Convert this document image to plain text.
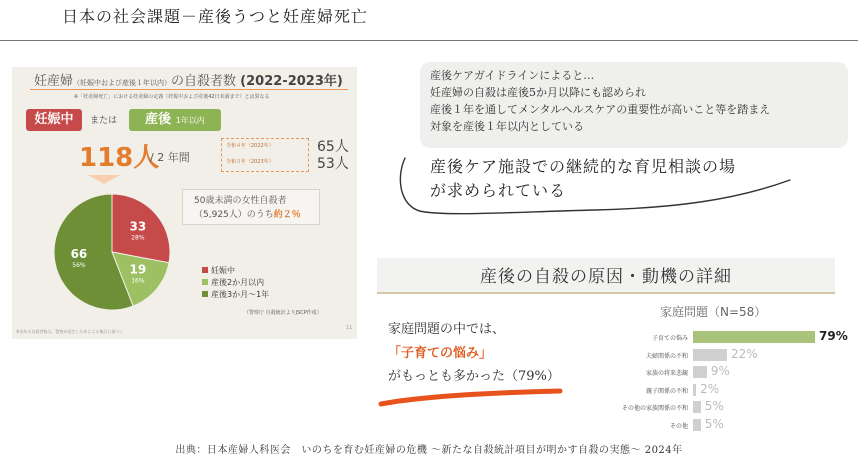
日本の社会課題－産後うつと妊産婦死亡
妊産婦（妊娠中および産後１年以内）の自殺者数 (2022-2023年)
※「妊産婦死亡」における妊産婦の定義（妊娠中および産後42日未満まで）とは異なる
妊娠中	または	産後 1年以内
118人
/ 2 年間
令和４年（2022年）
令和５年（2023年）
65人
53人
50歳未満の女性自殺者
（5,925人）のうち約２％
33
28%
19
16%
66
56%
妊娠中
産後2か月以内
産後3か月～1年
（警察庁 自殺統計よりJSCP作成）
※各年の自殺者数は、警察が発生した年による集計に基づく
11
産後ケアガイドラインによると…
妊産婦の自殺は産後5か月以降にも認められ
産後１年を通してメンタルヘルスケアの重要性が高いこと等を踏まえ
対象を産後１年以内としている
産後ケア施設での継続的な育児相談の場
が求められている
産後の自殺の原因・動機の詳細
家庭問題の中では、
「子育ての悩み」
がもっとも多かった（79%）
家庭問題（N=58）
子育ての悩み	79%
夫婦関係の不和	22%
家族の将来悲観 9%
親子関係の不和 2%
その他の家族関係の不和 5%
その他 5%
出典：日本産婦人科医会　いのちを育む妊産婦の危機 ～新たな自殺統計項目が明かす自殺の実態～ 2024年
